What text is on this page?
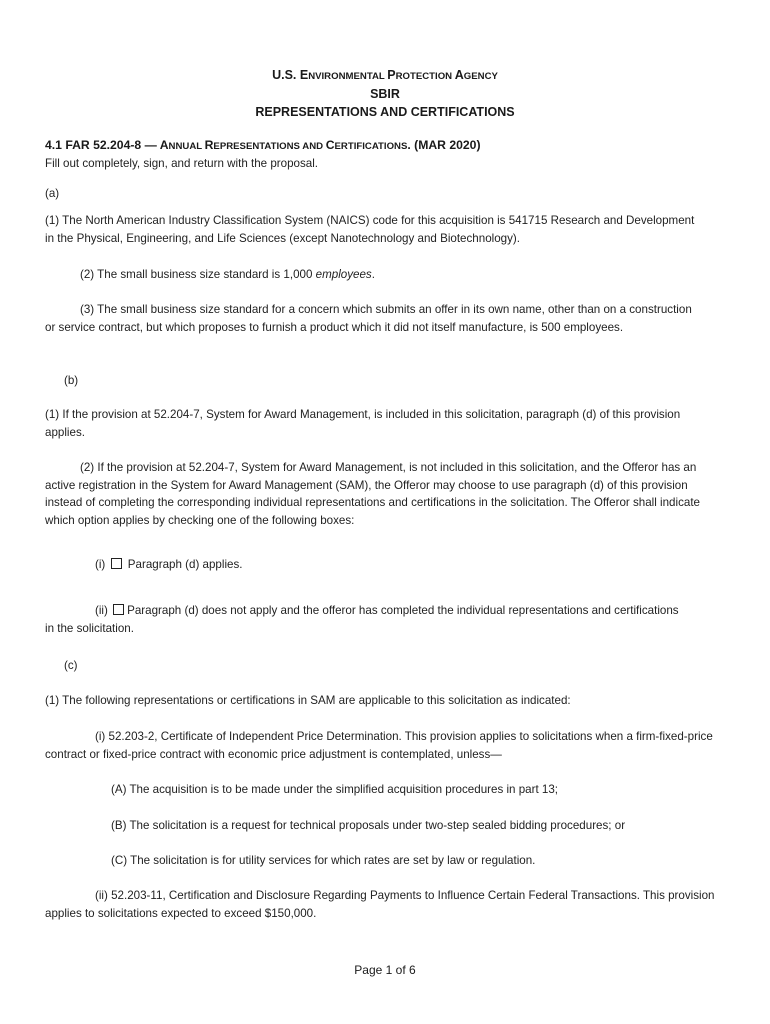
U.S. ENVIRONMENTAL PROTECTION AGENCY
SBIR
REPRESENTATIONS AND CERTIFICATIONS
4.1 FAR 52.204-8 — ANNUAL REPRESENTATIONS AND CERTIFICATIONS. (MAR 2020)
Fill out completely, sign, and return with the proposal.
(a)
(1) The North American Industry Classification System (NAICS) code for this acquisition is 541715 Research and Development in the Physical, Engineering, and Life Sciences (except Nanotechnology and Biotechnology).
(2) The small business size standard is 1,000 employees.
(3) The small business size standard for a concern which submits an offer in its own name, other than on a construction or service contract, but which proposes to furnish a product which it did not itself manufacture, is 500 employees.
(b)
(1) If the provision at 52.204-7, System for Award Management, is included in this solicitation, paragraph (d) of this provision applies.
(2) If the provision at 52.204-7, System for Award Management, is not included in this solicitation, and the Offeror has an active registration in the System for Award Management (SAM), the Offeror may choose to use paragraph (d) of this provision instead of completing the corresponding individual representations and certifications in the solicitation. The Offeror shall indicate which option applies by checking one of the following boxes:
(i) Paragraph (d) applies.
(ii) Paragraph (d) does not apply and the offeror has completed the individual representations and certifications in the solicitation.
(c)
(1) The following representations or certifications in SAM are applicable to this solicitation as indicated:
(i) 52.203-2, Certificate of Independent Price Determination. This provision applies to solicitations when a firm-fixed-price contract or fixed-price contract with economic price adjustment is contemplated, unless—
(A) The acquisition is to be made under the simplified acquisition procedures in part 13;
(B) The solicitation is a request for technical proposals under two-step sealed bidding procedures; or
(C) The solicitation is for utility services for which rates are set by law or regulation.
(ii) 52.203-11, Certification and Disclosure Regarding Payments to Influence Certain Federal Transactions. This provision applies to solicitations expected to exceed $150,000.
Page 1 of 6
